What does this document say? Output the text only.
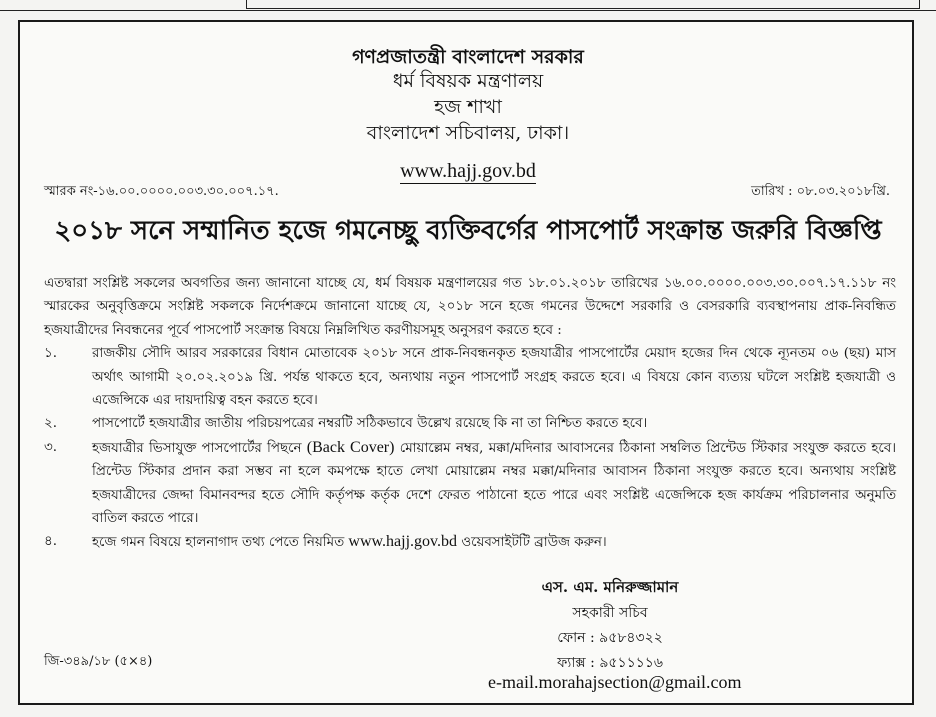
গণপ্রজাতন্ত্রী বাংলাদেশ সরকার
ধর্ম বিষয়ক মন্ত্রণালয়
হজ শাখা
বাংলাদেশ সচিবালয়, ঢাকা।
www.hajj.gov.bd
স্মারক নং-১৬.০০.০০০০.০০৩.৩০.০০৭.১৭.	তারিখ : ০৮.০৩.২০১৮খ্রি.
২০১৮ সনে সম্মানিত হজে গমনেচ্ছু ব্যক্তিবর্গের পাসপোর্ট সংক্রান্ত জরুরি বিজ্ঞপ্তি

এতদ্বারা সংশ্লিষ্ট সকলের অবগতির জন্য জানানো যাচ্ছে যে, ধর্ম বিষয়ক মন্ত্রণালয়ের গত ১৮.০১.২০১৮ তারিখের ১৬.০০.০০০০.০০৩.৩০.০০৭.১৭.১১৮ নং স্মারকের অনুবৃত্তিক্রমে সংশ্লিষ্ট সকলকে নির্দেশক্রমে জানানো যাচ্ছে যে, ২০১৮ সনে হজে গমনের উদ্দেশে সরকারি ও বেসরকারি ব্যবস্থাপনায় প্রাক-নিবন্ধিত হজযাত্রীদের নিবন্ধনের পূর্বে পাসপোর্ট সংক্রান্ত বিষয়ে নিম্নলিখিত করণীয়সমূহ অনুসরণ করতে হবে :

১.	রাজকীয় সৌদি আরব সরকারের বিধান মোতাবেক ২০১৮ সনে প্রাক-নিবন্ধনকৃত হজযাত্রীর পাসপোর্টের মেয়াদ হজের দিন থেকে ন্যূনতম ০৬ (ছয়) মাস অর্থাৎ আগামী ২০.০২.২০১৯ খ্রি. পর্যন্ত থাকতে হবে, অন্যথায় নতুন পাসপোর্ট সংগ্রহ করতে হবে। এ বিষয়ে কোন ব্যত্যয় ঘটলে সংশ্লিষ্ট হজযাত্রী ও এজেন্সিকে এর দায়দায়িত্ব বহন করতে হবে।
২.	পাসপোর্টে হজযাত্রীর জাতীয় পরিচয়পত্রের নম্বরটি সঠিকভাবে উল্লেখ রয়েছে কি না তা নিশ্চিত করতে হবে।
৩.	হজযাত্রীর ভিসাযুক্ত পাসপোর্টের পিছনে (Back Cover) মোয়াল্লেম নম্বর, মক্কা/মদিনার আবাসনের ঠিকানা সম্বলিত প্রিন্টেড স্টিকার সংযুক্ত করতে হবে। প্রিন্টেড স্টিকার প্রদান করা সম্ভব না হলে কমপক্ষে হাতে লেখা মোয়াল্লেম নম্বর মক্কা/মদিনার আবাসন ঠিকানা সংযুক্ত করতে হবে। অন্যথায় সংশ্লিষ্ট হজযাত্রীদের জেদ্দা বিমানবন্দর হতে সৌদি কর্তৃপক্ষ কর্তৃক দেশে ফেরত পাঠানো হতে পারে এবং সংশ্লিষ্ট এজেন্সিকে হজ কার্যক্রম পরিচালনার অনুমতি বাতিল করতে পারে।
৪.	হজে গমন বিষয়ে হালনাগাদ তথ্য পেতে নিয়মিত www.hajj.gov.bd ওয়েবসাইটটি ব্রাউজ করুন।
এস. এম. মনিরুজ্জামান
সহকারী সচিব
ফোন : ৯৫৮৪৩২২
ফ্যাক্স : ৯৫১১১১৬
e-mail.morahajsection@gmail.com
জি-৩৪৯/১৮ (৫×৪)
